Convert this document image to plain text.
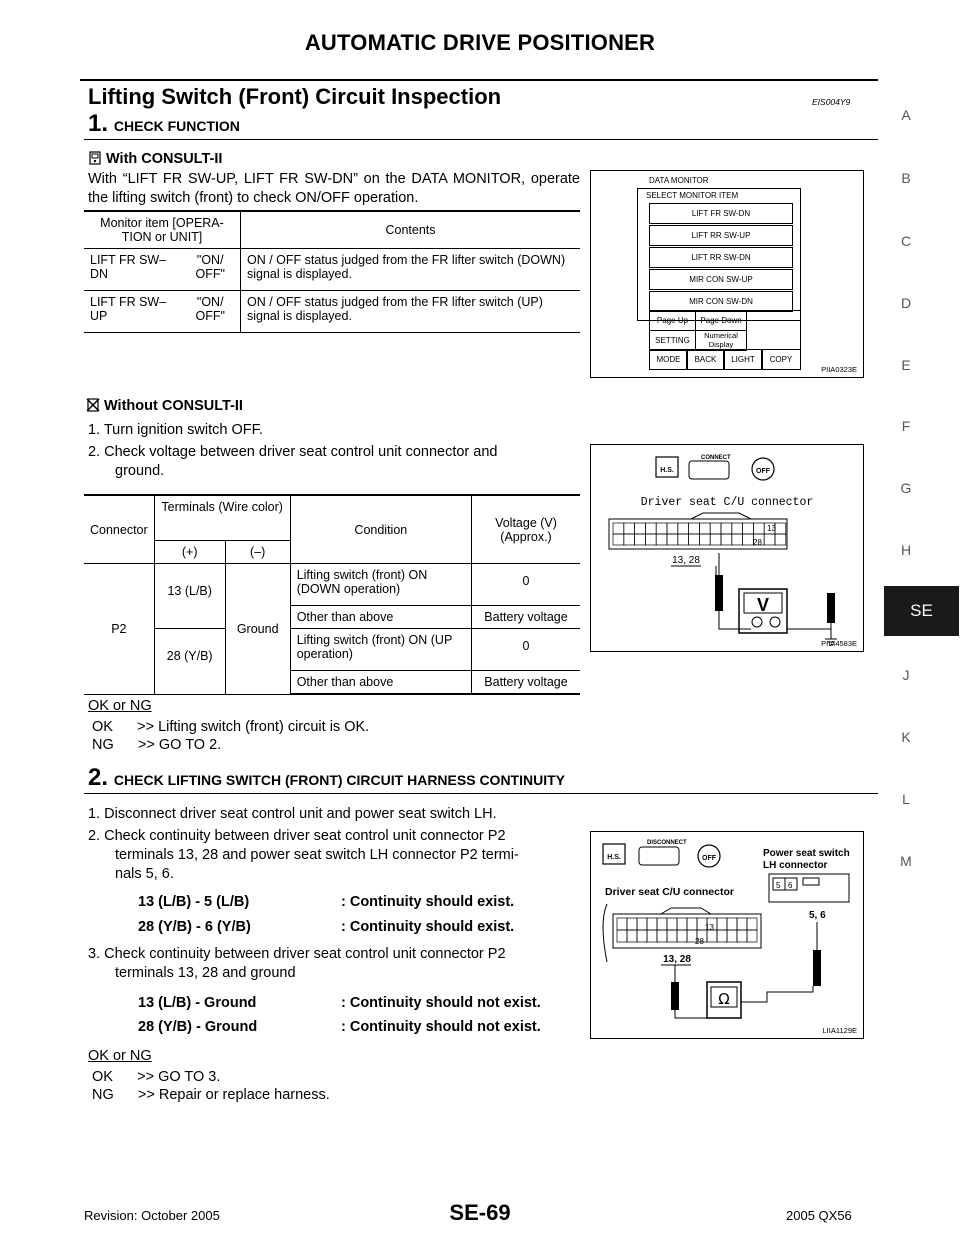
AUTOMATIC DRIVE POSITIONER
Lifting Switch (Front) Circuit Inspection	EIS004Y9
1. CHECK FUNCTION
With CONSULT-II
With “LIFT FR SW-UP, LIFT FR SW-DN” on the DATA MONITOR, operate the lifting switch (front) to check ON/OFF operation.
Monitor item [OPERA-TION or UNIT]		Contents
LIFT FR SW–DN	"ON/ OFF"	ON / OFF status judged from the FR lifter switch (DOWN) signal is displayed.
LIFT FR SW–UP	"ON/ OFF"	ON / OFF status judged from the FR lifter switch (UP) signal is displayed.
DATA MONITOR
SELECT MONITOR ITEM
LIFT FR SW-DN
LIFT RR SW-UP
LIFT RR SW-DN
MIR CON SW-UP
MIR CON SW-DN
Page Up	Page Down
SETTING
Numerical
Display
MODE	BACK	LIGHT	COPY
PIIA0323E
Without CONSULT-II
1. Turn ignition switch OFF.
2. Check voltage between driver seat control unit connector and
ground.
Connector	Terminals (Wire color)		Condition	Voltage (V) (Approx.)
	(+)	(–)		
P2	13 (L/B)	Ground	Lifting switch (front) ON (DOWN operation)	0
			Other than above	Battery voltage
	28 (Y/B)		Lifting switch (front) ON (UP operation)	0
			Other than above	Battery voltage
H.S.
CONNECT
OFF
Driver seat C/U connector
13
28
13, 28
V
PIIA4583E
OK or NG
OK      >> Lifting switch (front) circuit is OK.
NG      >> GO TO 2.
2. CHECK LIFTING SWITCH (FRONT) CIRCUIT HARNESS CONTINUITY
1. Disconnect driver seat control unit and power seat switch LH.
2. Check continuity between driver seat control unit connector P2
terminals 13, 28 and power seat switch LH connector P2 termi-
nals 5, 6.
13 (L/B) - 5 (L/B)	: Continuity should exist.
28 (Y/B) - 6 (Y/B)	: Continuity should exist.
3. Check continuity between driver seat control unit connector P2
terminals 13, 28 and ground
13 (L/B) - Ground	: Continuity should not exist.
28 (Y/B) - Ground	: Continuity should not exist.
H.S.
DISCONNECT
OFF	Power seat switch
LH connector
5 6
5, 6
Driver seat C/U connector
13
28
13, 28
Ω
LIIA1129E
OK or NG
OK      >> GO TO 3.
NG      >> Repair or replace harness.
A
B
C
D
E
F
G
H
SE
J
K
L
M
Revision: October 2005	SE-69	2005 QX56
